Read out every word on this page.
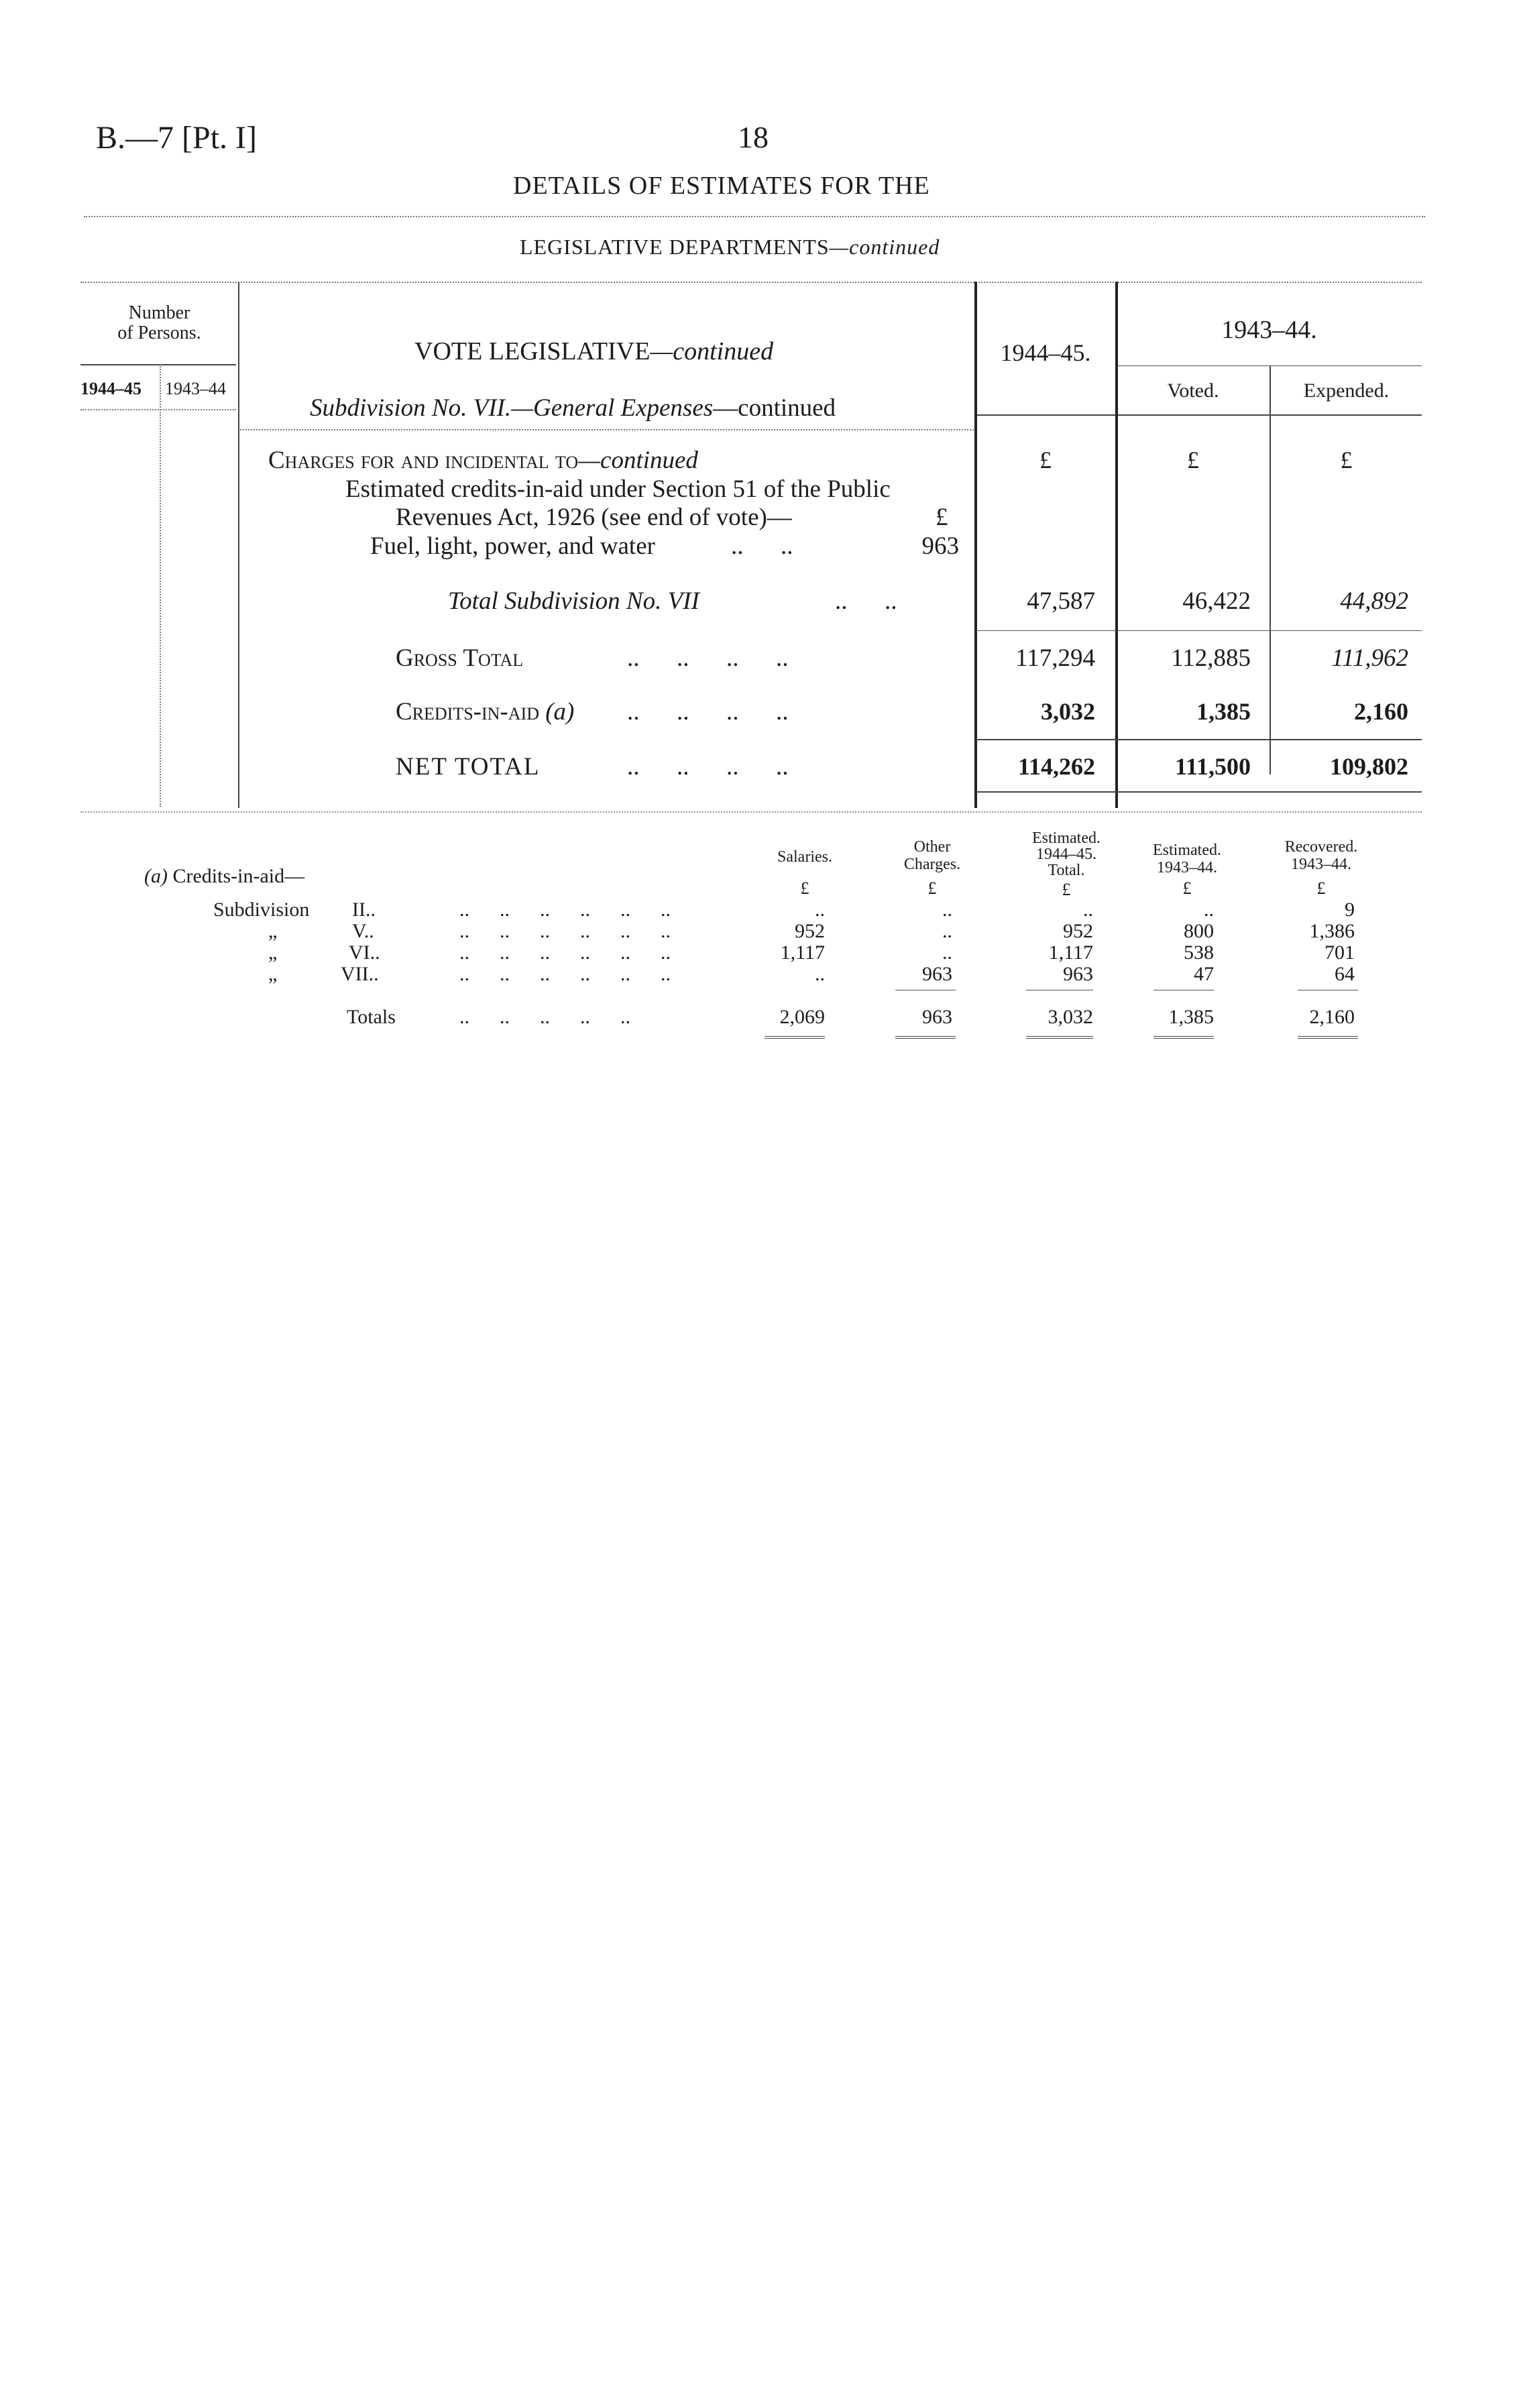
B.—7 [Pt. I]	18
DETAILS OF ESTIMATES FOR THE
LEGISLATIVE DEPARTMENTS—continued
Number
of Persons.
1944–45 1943–44
VOTE LEGISLATIVE—continued
Subdivision No. VII.—General Expenses—continued
1944–45.
1943–44.
Voted.	Expended.
£	£	£
Charges for and incidental to—continued
Estimated credits-in-aid under Section 51 of the Public
Revenues Act, 1926 (see end of vote)—	£
Fuel, light, power, and water	..      ..	963
Total Subdivision No. VII	..      ..	47,587	46,422	44,892
Gross Total	..      ..      ..      ..	117,294	112,885	111,962
Credits-in-aid (a) ..      ..      ..      ..	3,032	1,385	2,160
NET TOTAL	..      ..      ..      ..	114,262	111,500	109,802
(a) Credits-in-aid—
Salaries.
Other
Charges.
Estimated.
1944–45.
Total.
Estimated.
1943–44.
Recovered.
1943–44.
£	£	£	£	£
Subdivision II..	..      ..      ..      ..      ..      ..	..	..	..	..	9
„	V..	..      ..      ..      ..      ..      ..	952	..	952	800	1,386
„	VI..	..      ..      ..      ..      ..      ..	1,117	..	1,117	538	701
„	VII..	..      ..      ..      ..      ..      ..	..	963	963	47	64
Totals	..      ..      ..      ..      ..	2,069	963	3,032	1,385	2,160
